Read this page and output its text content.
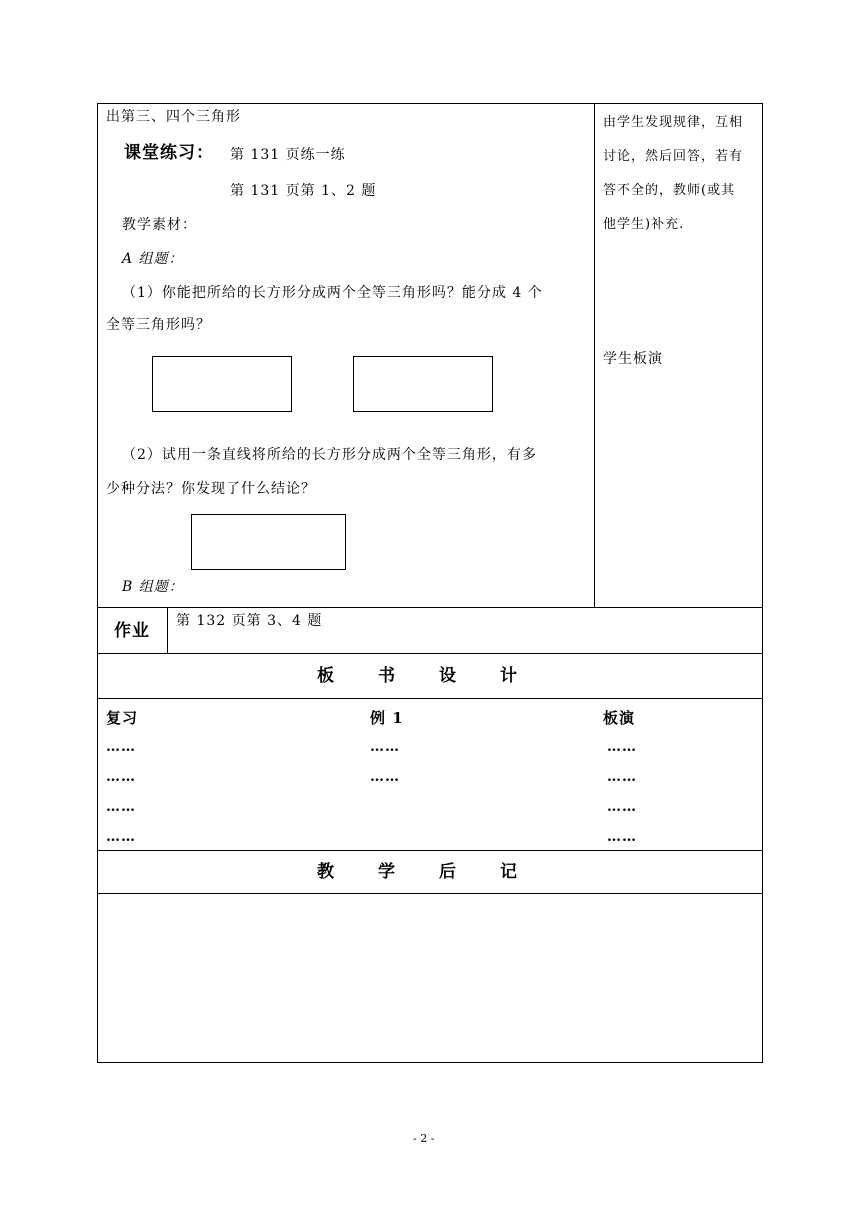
出第三、四个三角形
课堂练习： 第 131 页练一练
第 131 页第 1、2 题
教学素材：
A 组题：
（1）你能把所给的长方形分成两个全等三角形吗？能分成 4 个
全等三角形吗？
（2）试用一条直线将所给的长方形分成两个全等三角形，有多
少种分法？你发现了什么结论？
B 组题：
由学生发现规律，互相
讨论，然后回答，若有
答不全的，教师(或其
他学生)补充.
学生板演
作业 第 132 页第 3、4 题
板书设计
复习
……
……
……
……
例 1
……
……
板演
……
……
……
……
教学后记
- 2 -
